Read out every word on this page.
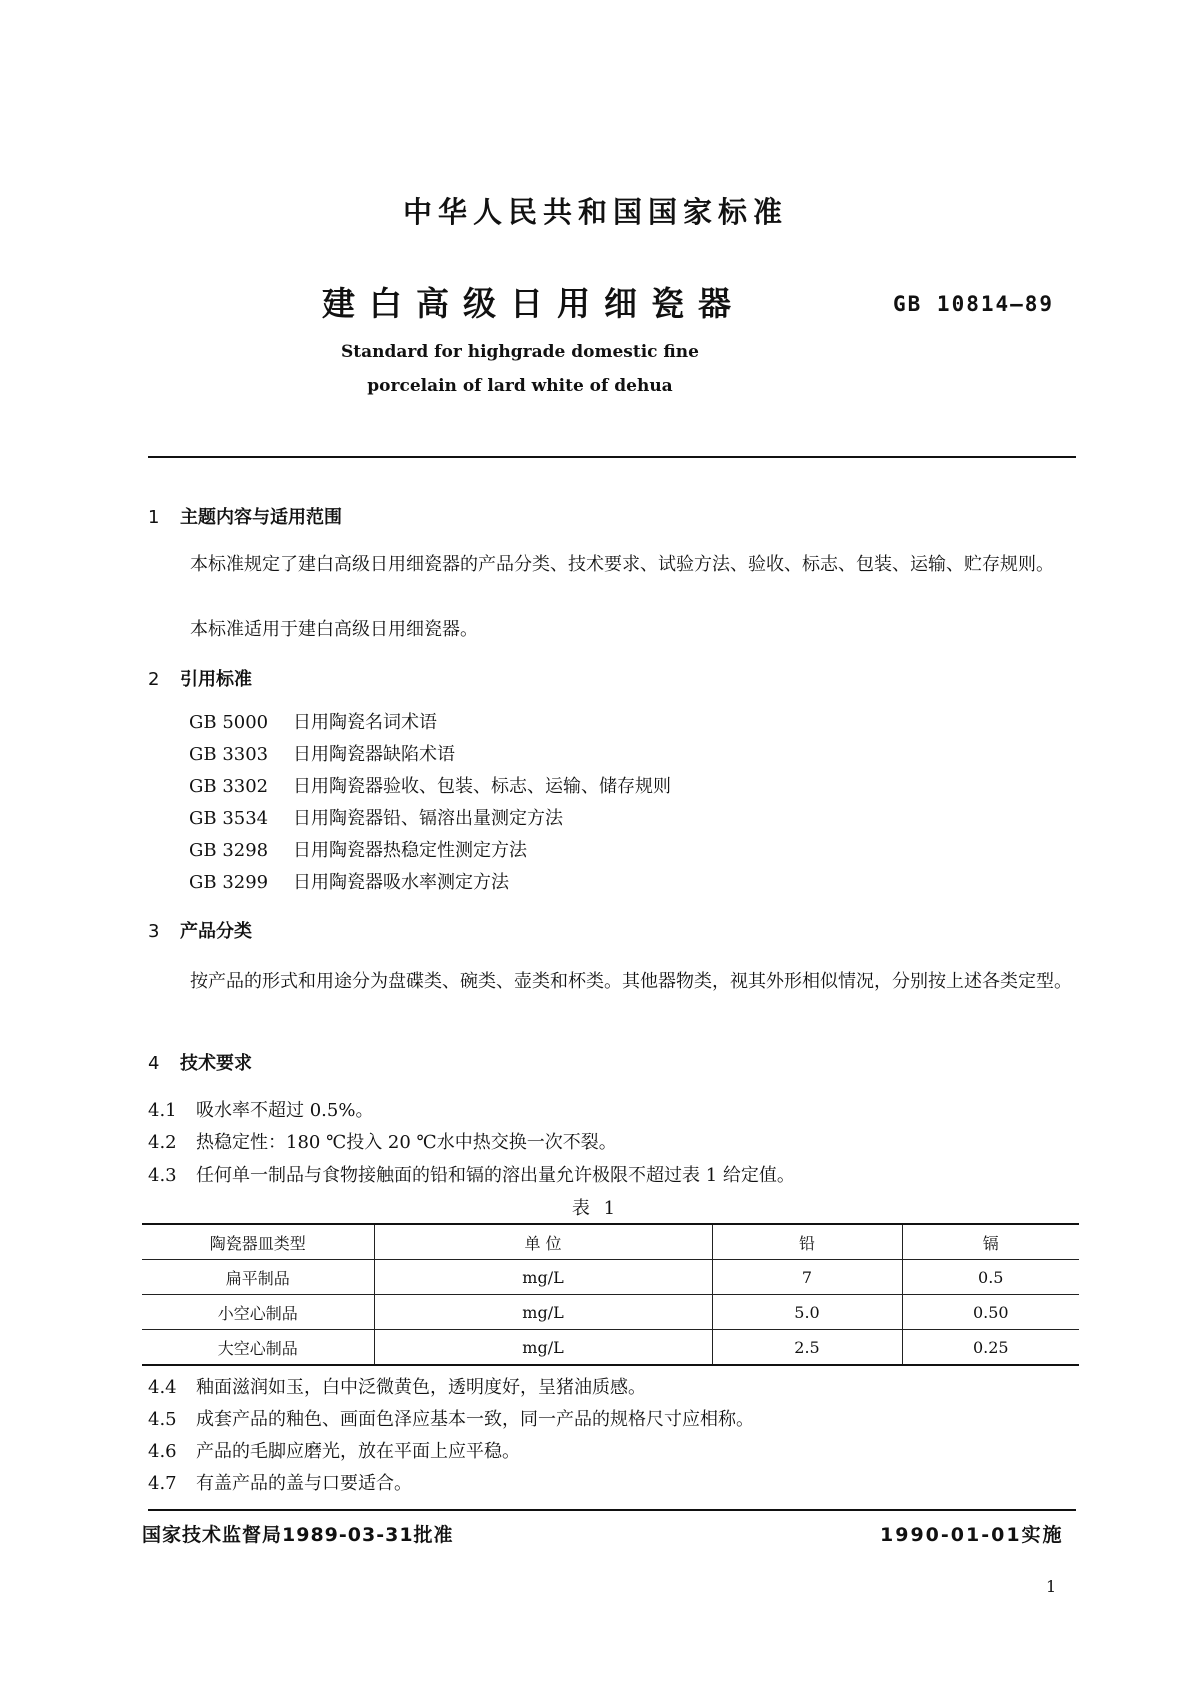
中华人民共和国国家标准
建白高级日用细瓷器	GB 10814—89
Standard for highgrade domestic fine
porcelain of lard white of dehua
1 主题内容与适用范围
本标准规定了建白高级日用细瓷器的产品分类、技术要求、试验方法、验收、标志、包装、运输、贮存规则。
本标准适用于建白高级日用细瓷器。
2 引用标准
GB 5000 日用陶瓷名词术语
GB 3303 日用陶瓷器缺陷术语
GB 3302 日用陶瓷器验收、包装、标志、运输、储存规则
GB 3534 日用陶瓷器铅、镉溶出量测定方法
GB 3298 日用陶瓷器热稳定性测定方法
GB 3299 日用陶瓷器吸水率测定方法
3 产品分类
按产品的形式和用途分为盘碟类、碗类、壶类和杯类。其他器物类，视其外形相似情况，分别按上述各类定型。
4 技术要求
4.1 吸水率不超过 0.5%。
4.2 热稳定性：180 ℃投入 20 ℃水中热交换一次不裂。
4.3 任何单一制品与食物接触面的铅和镉的溶出量允许极限不超过表 1 给定值。
表 1
陶瓷器皿类型	单 位	铅	镉
扁平制品	mg/L	7	0.5
小空心制品	mg/L	5.0	0.50
大空心制品	mg/L	2.5	0.25
4.4 釉面滋润如玉，白中泛微黄色，透明度好，呈猪油质感。
4.5 成套产品的釉色、画面色泽应基本一致，同一产品的规格尺寸应相称。
4.6 产品的毛脚应磨光，放在平面上应平稳。
4.7 有盖产品的盖与口要适合。
国家技术监督局1989-03-31批准	1990-01-01实施
1
